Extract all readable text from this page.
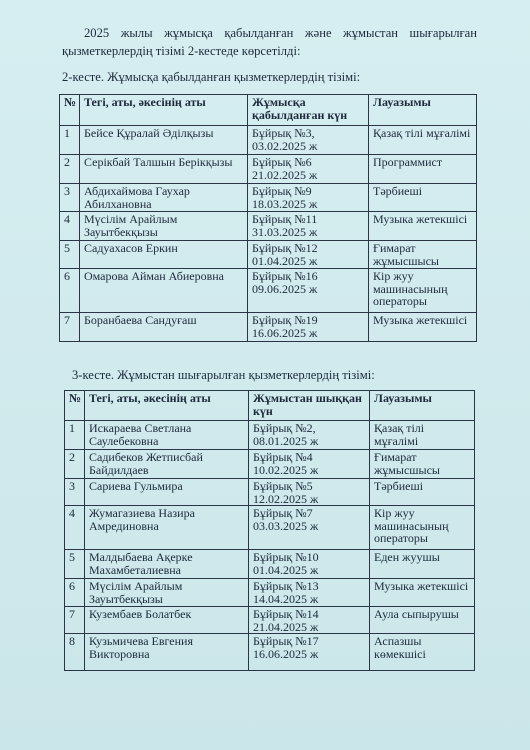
2025 жылы жұмысқа қабылданған және жұмыстан шығарылған қызметкерлердің тізімі 2-кестеде көрсетілді:
2-кесте. Жұмысқа қабылданған қызметкерлердің тізімі:
№	Тегі, аты, әкесінің аты	Жұмысқа қабылданған күн	Лауазымы
1	Бейсе Құралай Әділқызы	Бұйрық №3, 03.02.2025 ж	Қазақ тілі мұғалімі
2	Серікбай Талшын Берікқызы	Бұйрық №6 21.02.2025 ж	Программист
3	Абдихаймова Гаухар Абилхановна	Бұйрық №9 18.03.2025 ж	Тәрбиеші
4	Мүсілім Арайлым Зауытбекқызы	Бұйрық №11 31.03.2025 ж	Музыка жетекшісі
5	Садуахасов Еркин	Бұйрық №12 01.04.2025 ж	Ғимарат жұмысшысы
6	Омарова Айман Абиеровна	Бұйрық №16 09.06.2025 ж	Кір жуу машинасының операторы
7	Боранбаева Сандуғаш	Бұйрық №19 16.06.2025 ж	Музыка жетекшісі
3-кесте. Жұмыстан шығарылған қызметкерлердің тізімі:
№	Тегі, аты, әкесінің аты	Жұмыстан шыққан күн	Лауазымы
1	Искараева Светлана Саулебековна	Бұйрық №2, 08.01.2025 ж	Қазақ тілі мұғалімі
2	Садибеков Жетписбай Байдилдаев	Бұйрық №4 10.02.2025 ж	Ғимарат жұмысшысы
3	Сариева Гульмира	Бұйрық №5 12.02.2025 ж	Тәрбиеші
4	Жумагазиева Назира Амрединовна	Бұйрық №7 03.03.2025 ж	Кір жуу машинасының операторы
5	Малдыбаева Ақерке Махамбеталиевна	Бұйрық №10 01.04.2025 ж	Еден жуушы
6	Мүсілім Арайлым Зауытбекқызы	Бұйрық №13 14.04.2025 ж	Музыка жетекшісі
7	Кузембаев Болатбек	Бұйрық №14 21.04.2025 ж	Аула сыпырушы
8	Кузьмичева Евгения Викторовна	Бұйрық №17 16.06.2025 ж	Аспазшы көмекшісі
